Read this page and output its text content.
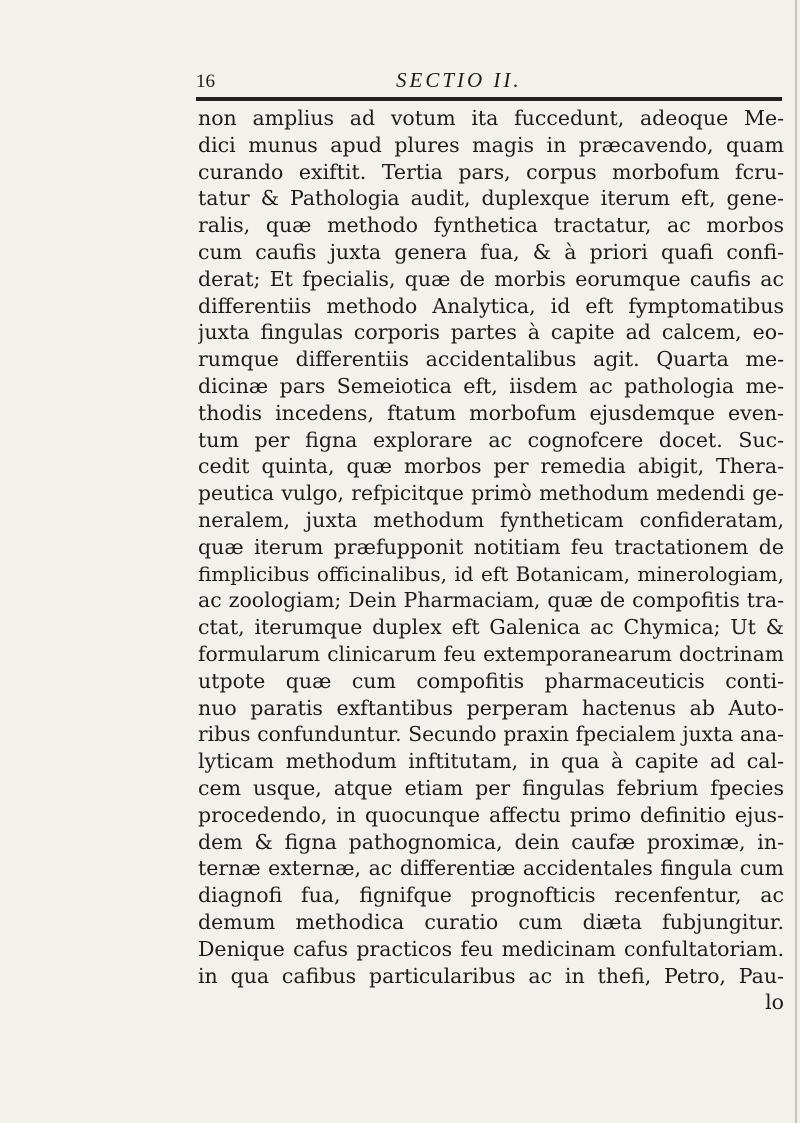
16	SECTIO II.
non amplius ad votum ita fuccedunt, adeoque Me-
dici munus apud plures magis in præcavendo, quam
curando exiftit. Tertia pars, corpus morbofum fcru-
tatur & Pathologia audit, duplexque iterum eft, gene-
ralis, quæ methodo fynthetica tractatur, ac morbos
cum caufis juxta genera fua, & à priori quafi confi-
derat; Et fpecialis, quæ de morbis eorumque caufis ac
differentiis methodo Analytica, id eft fymptomatibus
juxta fingulas corporis partes à capite ad calcem, eo-
rumque differentiis accidentalibus agit. Quarta me-
dicinæ pars Semeiotica eft, iisdem ac pathologia me-
thodis incedens, ftatum morbofum ejusdemque even-
tum per figna explorare ac cognofcere docet. Suc-
cedit quinta, quæ morbos per remedia abigit, Thera-
peutica vulgo, refpicitque primò methodum medendi ge-
neralem, juxta methodum fyntheticam confideratam,
quæ iterum præfupponit notitiam feu tractationem de
fimplicibus officinalibus, id eft Botanicam, minerologiam,
ac zoologiam; Dein Pharmaciam, quæ de compofitis tra-
ctat, iterumque duplex eft Galenica ac Chymica; Ut &
formularum clinicarum feu extemporanearum doctrinam
utpote quæ cum compofitis pharmaceuticis conti-
nuo paratis exftantibus perperam hactenus ab Auto-
ribus confunduntur. Secundo praxin fpecialem juxta ana-
lyticam methodum inftitutam, in qua à capite ad cal-
cem usque, atque etiam per fingulas febrium fpecies
procedendo, in quocunque affectu primo definitio ejus-
dem & figna pathognomica, dein caufæ proximæ, in-
ternæ externæ, ac differentiæ accidentales fingula cum
diagnofi fua, fignifque prognofticis recenfentur, ac
demum methodica curatio cum diæta fubjungitur.
Denique cafus practicos feu medicinam confultatoriam.
in qua cafibus particularibus ac in thefi, Petro, Pau-
lo
